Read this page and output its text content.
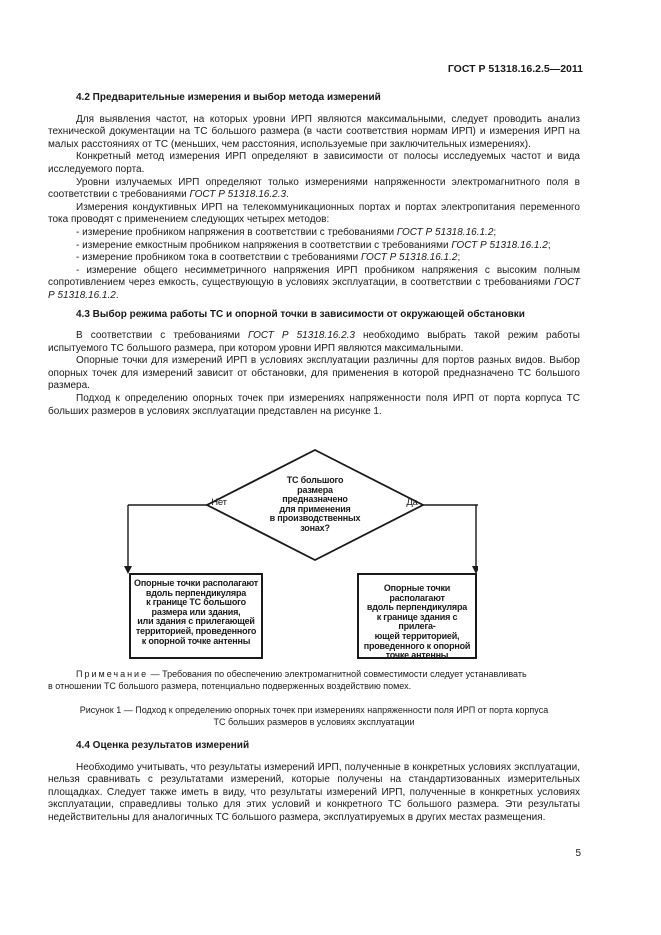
ГОСТ Р 51318.16.2.5—2011

4.2 Предварительные измерения и выбор метода измерений

Для выявления частот, на которых уровни ИРП являются максимальными, следует проводить анализ технической документации на ТС большого размера (в части соответствия нормам ИРП) и измерения ИРП на малых расстояниях от ТС (меньших, чем расстояния, используемые при заключительных измерениях).

Конкретный метод измерения ИРП определяют в зависимости от полосы исследуемых частот и вида исследуемого порта.

Уровни излучаемых ИРП определяют только измерениями напряженности электромагнитного поля в соответствии с требованиями ГОСТ Р 51318.16.2.3.

Измерения кондуктивных ИРП на телекоммуникационных портах и портах электропитания переменного тока проводят с применением следующих четырех методов:

- измерение пробником напряжения в соответствии с требованиями ГОСТ Р 51318.16.1.2;

- измерение емкостным пробником напряжения в соответствии с требованиями ГОСТ Р 51318.16.1.2;

- измерение пробником тока в соответствии с требованиями ГОСТ Р 51318.16.1.2;

- измерение общего несимметричного напряжения ИРП пробником напряжения с высоким полным сопротивлением через емкость, существующую в условиях эксплуатации, в соответствии с требованиями ГОСТ Р 51318.16.1.2.

4.3 Выбор режима работы ТС и опорной точки в зависимости от окружающей обстановки

В соответствии с требованиями ГОСТ Р 51318.16.2.3 необходимо выбрать такой режим работы испытуемого ТС большого размера, при котором уровни ИРП являются максимальными.

Опорные точки для измерений ИРП в условиях эксплуатации различны для портов разных видов. Выбор опорных точек для измерений зависит от обстановки, для применения в которой предназначено ТС большого размера.

Подход к определению опорных точек при измерениях напряженности поля ИРП от порта корпуса ТС больших размеров в условиях эксплуатации представлен на рисунке 1.

ТС большого
размера
предназначено
для применения
в производственных
зонах?
Нет	Да
Опорные точки располагают
вдоль перпендикуляра
к границе ТС большого
размера или здания,
или здания с прилегающей
территорией, проведенного
к опорной точке антенны
Опорные точки располагают
вдоль перпендикуляра
к границе здания с прилега-
ющей территорией,
проведенного к опорной
точке антенны

Примечание — Требования по обеспечению электромагнитной совместимости следует устанавливать

в отношении ТС большого размера, потенциально подверженных воздействию помех.

Рисунок 1 — Подход к определению опорных точек при измерениях напряженности поля ИРП от порта корпуса
ТС больших размеров в условиях эксплуатации

4.4 Оценка результатов измерений

Необходимо учитывать, что результаты измерений ИРП, полученные в конкретных условиях эксплуатации, нельзя сравнивать с результатами измерений, которые получены на стандартизованных измерительных площадках. Следует также иметь в виду, что результаты измерений ИРП, полученные в конкретных условиях эксплуатации, справедливы только для этих условий и конкретного ТС большого размера. Эти результаты недействительны для аналогичных ТС большого размера, эксплуатируемых в других местах размещения.

5
